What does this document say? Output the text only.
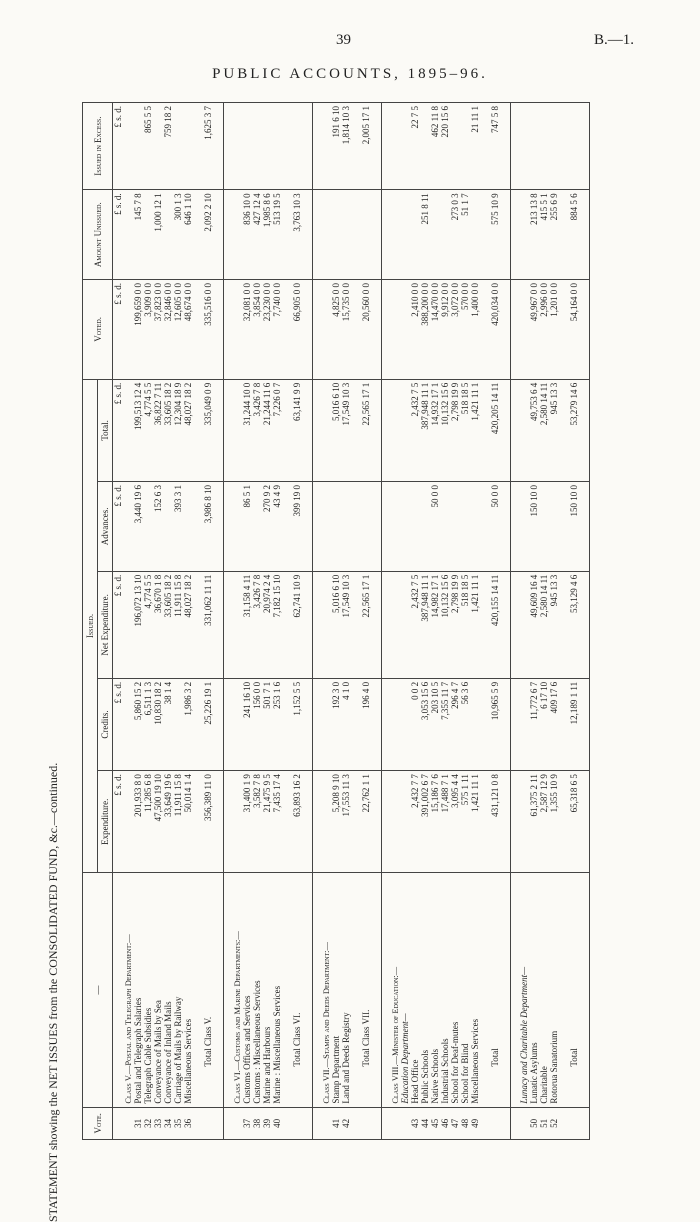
39	B.—1.
PUBLIC ACCOUNTS, 1895–96.
STATEMENT showing the NET ISSUES from the CONSOLIDATED FUND, &c.—continued.	Vote.	—	Issued.					Voted.	Amount Unissued.	Issued in Excess.
		Expenditure.	Credits.	Net Expenditure.	Advances.	Total.			
		£ s. d.	£ s. d.	£ s. d.	£ s. d.	£ s. d.	£ s. d.	£ s. d.	£ s. d.
	Class V.—Postal and Telegraph Department:—								
31	Postal and Telegraph Salaries	201,933 8 0	5,860 15 2	196,072 13 10	3,440 19 6	199,513 12 4	199,659 0 0	145 7 8	
32	Telegraph Cable Subsidies	11,285 6 8	6,511 1 3	4,774 5 5		4,774 5 5	3,909 0 0		865 5 5
33	Conveyance of Mails by Sea	47,500 19 10	10,830 18 2	36,670 1 8	152 6 3	36,822 7 11	37,823 0 0	1,000 12 1	
34	Conveyance of Inland Mails	33,649 19 6	38 1 4	33,605 18 2		33,605 18 2	32,846 0 0		759 18 2
35	Carriage of Mails by Railway	11,911 15 8		11,911 15 8	393 3 1	12,304 18 9	12,605 0 0	300 1 3	
36	Miscellaneous Services	50,014 1 4	1,986 3 2	48,027 18 2		48,027 18 2	48,674 0 0	646 1 10	
	Total Class V.	356,389 11 0	25,226 19 1	331,062 11 11	3,986 8 10	335,049 0 9	335,516 0 0	2,092 2 10	1,625 3 7

	Class VI.—Customs and Marine Departments:—								
37	Customs Offices and Services	31,400 1 9	241 16 10	31,158 4 11	86 5 1	31,244 10 0	32,081 0 0	836 10 0	
38	Customs : Miscellaneous Services	3,582 7 8	156 0 0	3,426 7 8		3,426 7 8	3,854 0 0	427 12 4	
39	Marine and Harbours	21,475 9 5	501 7 1	20,974 2 4	270 9 2	21,244 11 6	23,230 0 0	1,985 8 6	
40	Marine : Miscellaneous Services	7,435 17 4	253 1 6	7,182 15 10	43 4 9	7,226 0 7	7,740 0 0	513 19 5	
	Total Class VI.	63,893 16 2	1,152 5 5	62,741 10 9	399 19 0	63,141 9 9	66,905 0 0	3,763 10 3	

	Class VII.—Stamps and Deeds Department:—								
41	Stamp Department	5,208 9 10	192 3 0	5,016 6 10		5,016 6 10	4,825 0 0		191 6 10
42	Land and Deeds Registry	17,553 11 3	4 1 0	17,549 10 3		17,549 10 3	15,735 0 0		1,814 10 3
	Total Class VII.	22,762 1 1	196 4 0	22,565 17 1		22,565 17 1	20,560 0 0		2,005 17 1

	Class VIII.—Minister of Education:—								
	Education Department—								
43	Head Office	2,432 7 7	0 0 2	2,432 7 5		2,432 7 5	2,410 0 0		22 7 5
44	Public Schools	391,002 6 7	3,053 15 6	387,948 11 1		387,948 11 1	388,200 0 0	251 8 11	
45	Native Schools	15,186 7 6	203 10 5	14,982 17 1	50 0 0	14,932 17 1	14,470 0 0		462 11 8
46	Industrial Schools	17,488 7 1	7,355 11 7	10,132 15 6		10,132 15 6	9,912 0 0		220 15 6
47	School for Deaf-mutes	3,095 4 4	296 4 7	2,798 19 9		2,798 19 9	3,072 0 0	273 0 3	
48	School for Blind	575 1 11	56 3 6	518 18 5		518 18 5	570 0 0	51 1 7	
49	Miscellaneous Services	1,421 11 1		1,421 11 1		1,421 11 1	1,400 0 0		21 11 1
	Total	431,121 0 8	10,965 5 9	420,155 14 11	50 0 0	420,205 14 11	420,034 0 0	575 10 9	747 5 8

	Lunacy and Charitable Department—								
50	Lunatic Asylums	61,375 2 11	11,772 6 7	49,609 16 4	150 10 0	49,753 6 4	49,967 0 0	213 13 8	
51	Charitable	2,587 12 9	6 17 10	2,580 14 11		2,580 14 11	2,996 0 0	415 5 1	
52	Rotorua Sanatorium	1,355 10 9	409 17 6	945 13 3		945 13 3	1,201 0 0	255 6 9	
	Total	65,318 6 5	12,189 1 11	53,129 4 6	150 10 0	53,279 14 6	54,164 0 0	884 5 6	
